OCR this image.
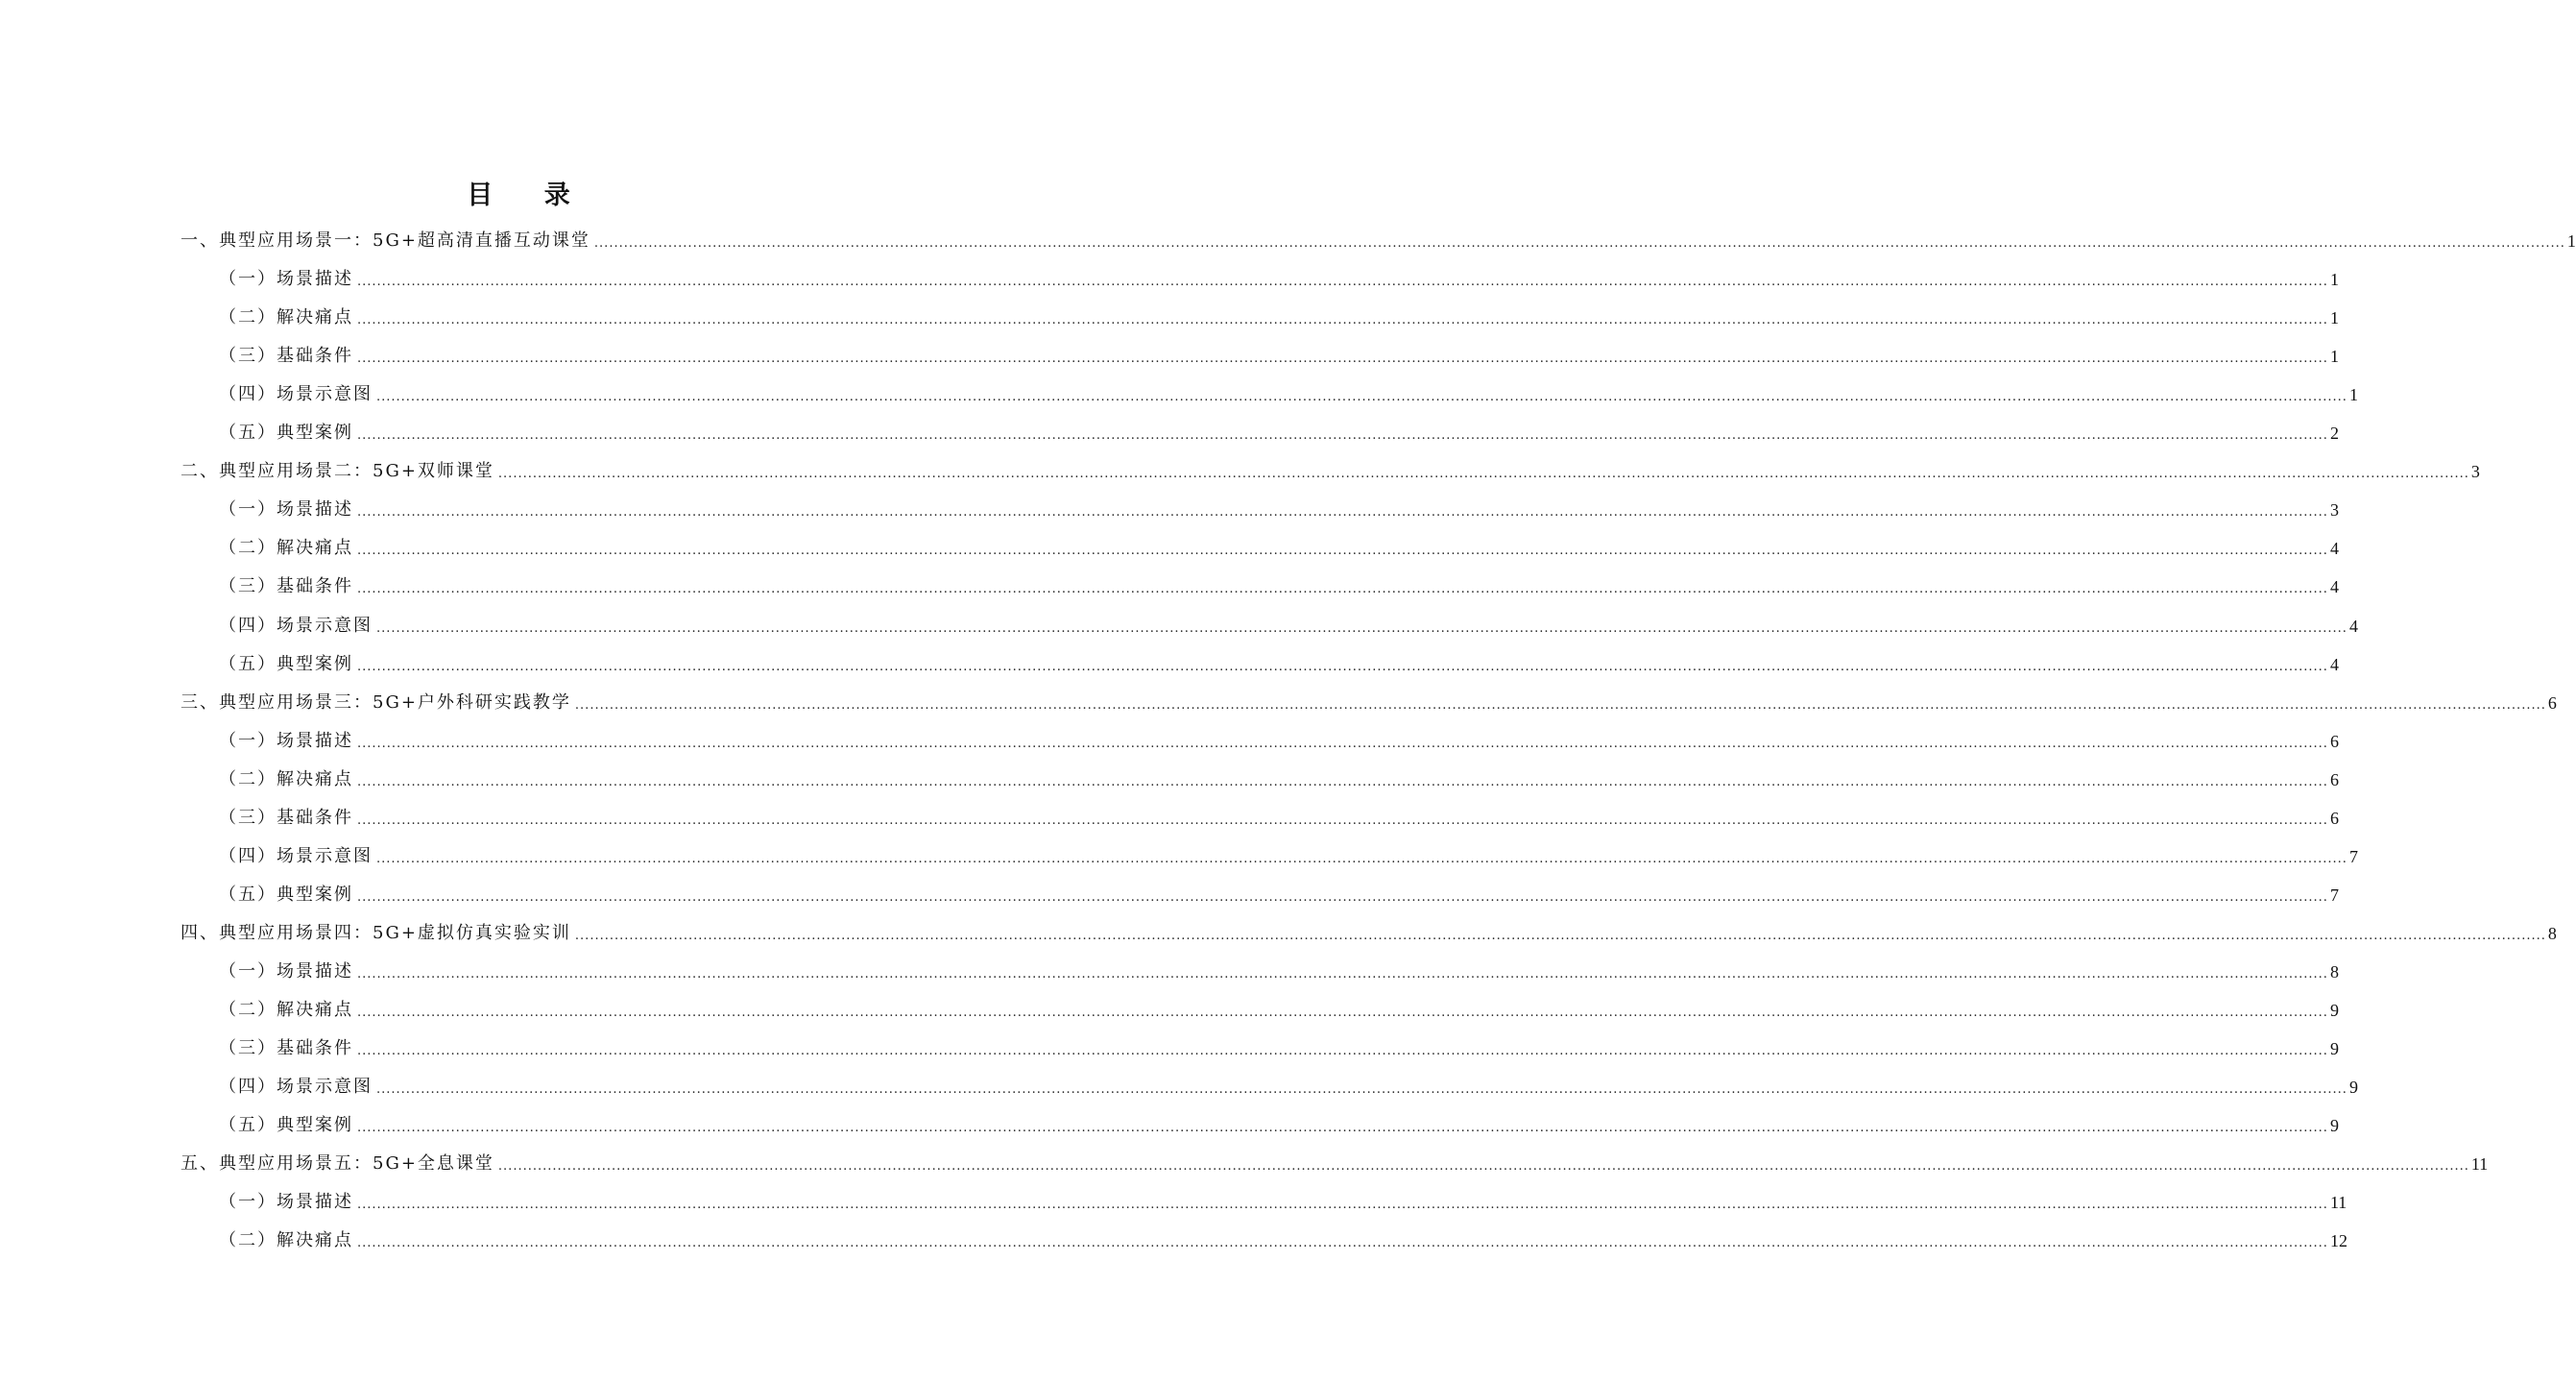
目 录
一、典型应用场景一：5G+超高清直播互动课堂 ................................................................................................................................................................................................................................................................................................................................................................................................................ 1
（一）场景描述 ................................................................................................................................................................................................................................................................................................................................................................................................................ 1
（二）解决痛点 ................................................................................................................................................................................................................................................................................................................................................................................................................ 1
（三）基础条件 ................................................................................................................................................................................................................................................................................................................................................................................................................ 1
（四）场景示意图 ................................................................................................................................................................................................................................................................................................................................................................................................................ 1
（五）典型案例 ................................................................................................................................................................................................................................................................................................................................................................................................................ 2
二、典型应用场景二：5G+双师课堂 ................................................................................................................................................................................................................................................................................................................................................................................................................ 3
（一）场景描述 ................................................................................................................................................................................................................................................................................................................................................................................................................ 3
（二）解决痛点 ................................................................................................................................................................................................................................................................................................................................................................................................................ 4
（三）基础条件 ................................................................................................................................................................................................................................................................................................................................................................................................................ 4
（四）场景示意图 ................................................................................................................................................................................................................................................................................................................................................................................................................ 4
（五）典型案例 ................................................................................................................................................................................................................................................................................................................................................................................................................ 4
三、典型应用场景三：5G+户外科研实践教学 ................................................................................................................................................................................................................................................................................................................................................................................................................ 6
（一）场景描述 ................................................................................................................................................................................................................................................................................................................................................................................................................ 6
（二）解决痛点 ................................................................................................................................................................................................................................................................................................................................................................................................................ 6
（三）基础条件 ................................................................................................................................................................................................................................................................................................................................................................................................................ 6
（四）场景示意图 ................................................................................................................................................................................................................................................................................................................................................................................................................ 7
（五）典型案例 ................................................................................................................................................................................................................................................................................................................................................................................................................ 7
四、典型应用场景四：5G+虚拟仿真实验实训 ................................................................................................................................................................................................................................................................................................................................................................................................................ 8
（一）场景描述 ................................................................................................................................................................................................................................................................................................................................................................................................................ 8
（二）解决痛点 ................................................................................................................................................................................................................................................................................................................................................................................................................ 9
（三）基础条件 ................................................................................................................................................................................................................................................................................................................................................................................................................ 9
（四）场景示意图 ................................................................................................................................................................................................................................................................................................................................................................................................................ 9
（五）典型案例 ................................................................................................................................................................................................................................................................................................................................................................................................................ 9
五、典型应用场景五：5G+全息课堂 ................................................................................................................................................................................................................................................................................................................................................................................................................ 11
（一）场景描述 ................................................................................................................................................................................................................................................................................................................................................................................................................ 11
（二）解决痛点 ................................................................................................................................................................................................................................................................................................................................................................................................................ 12
